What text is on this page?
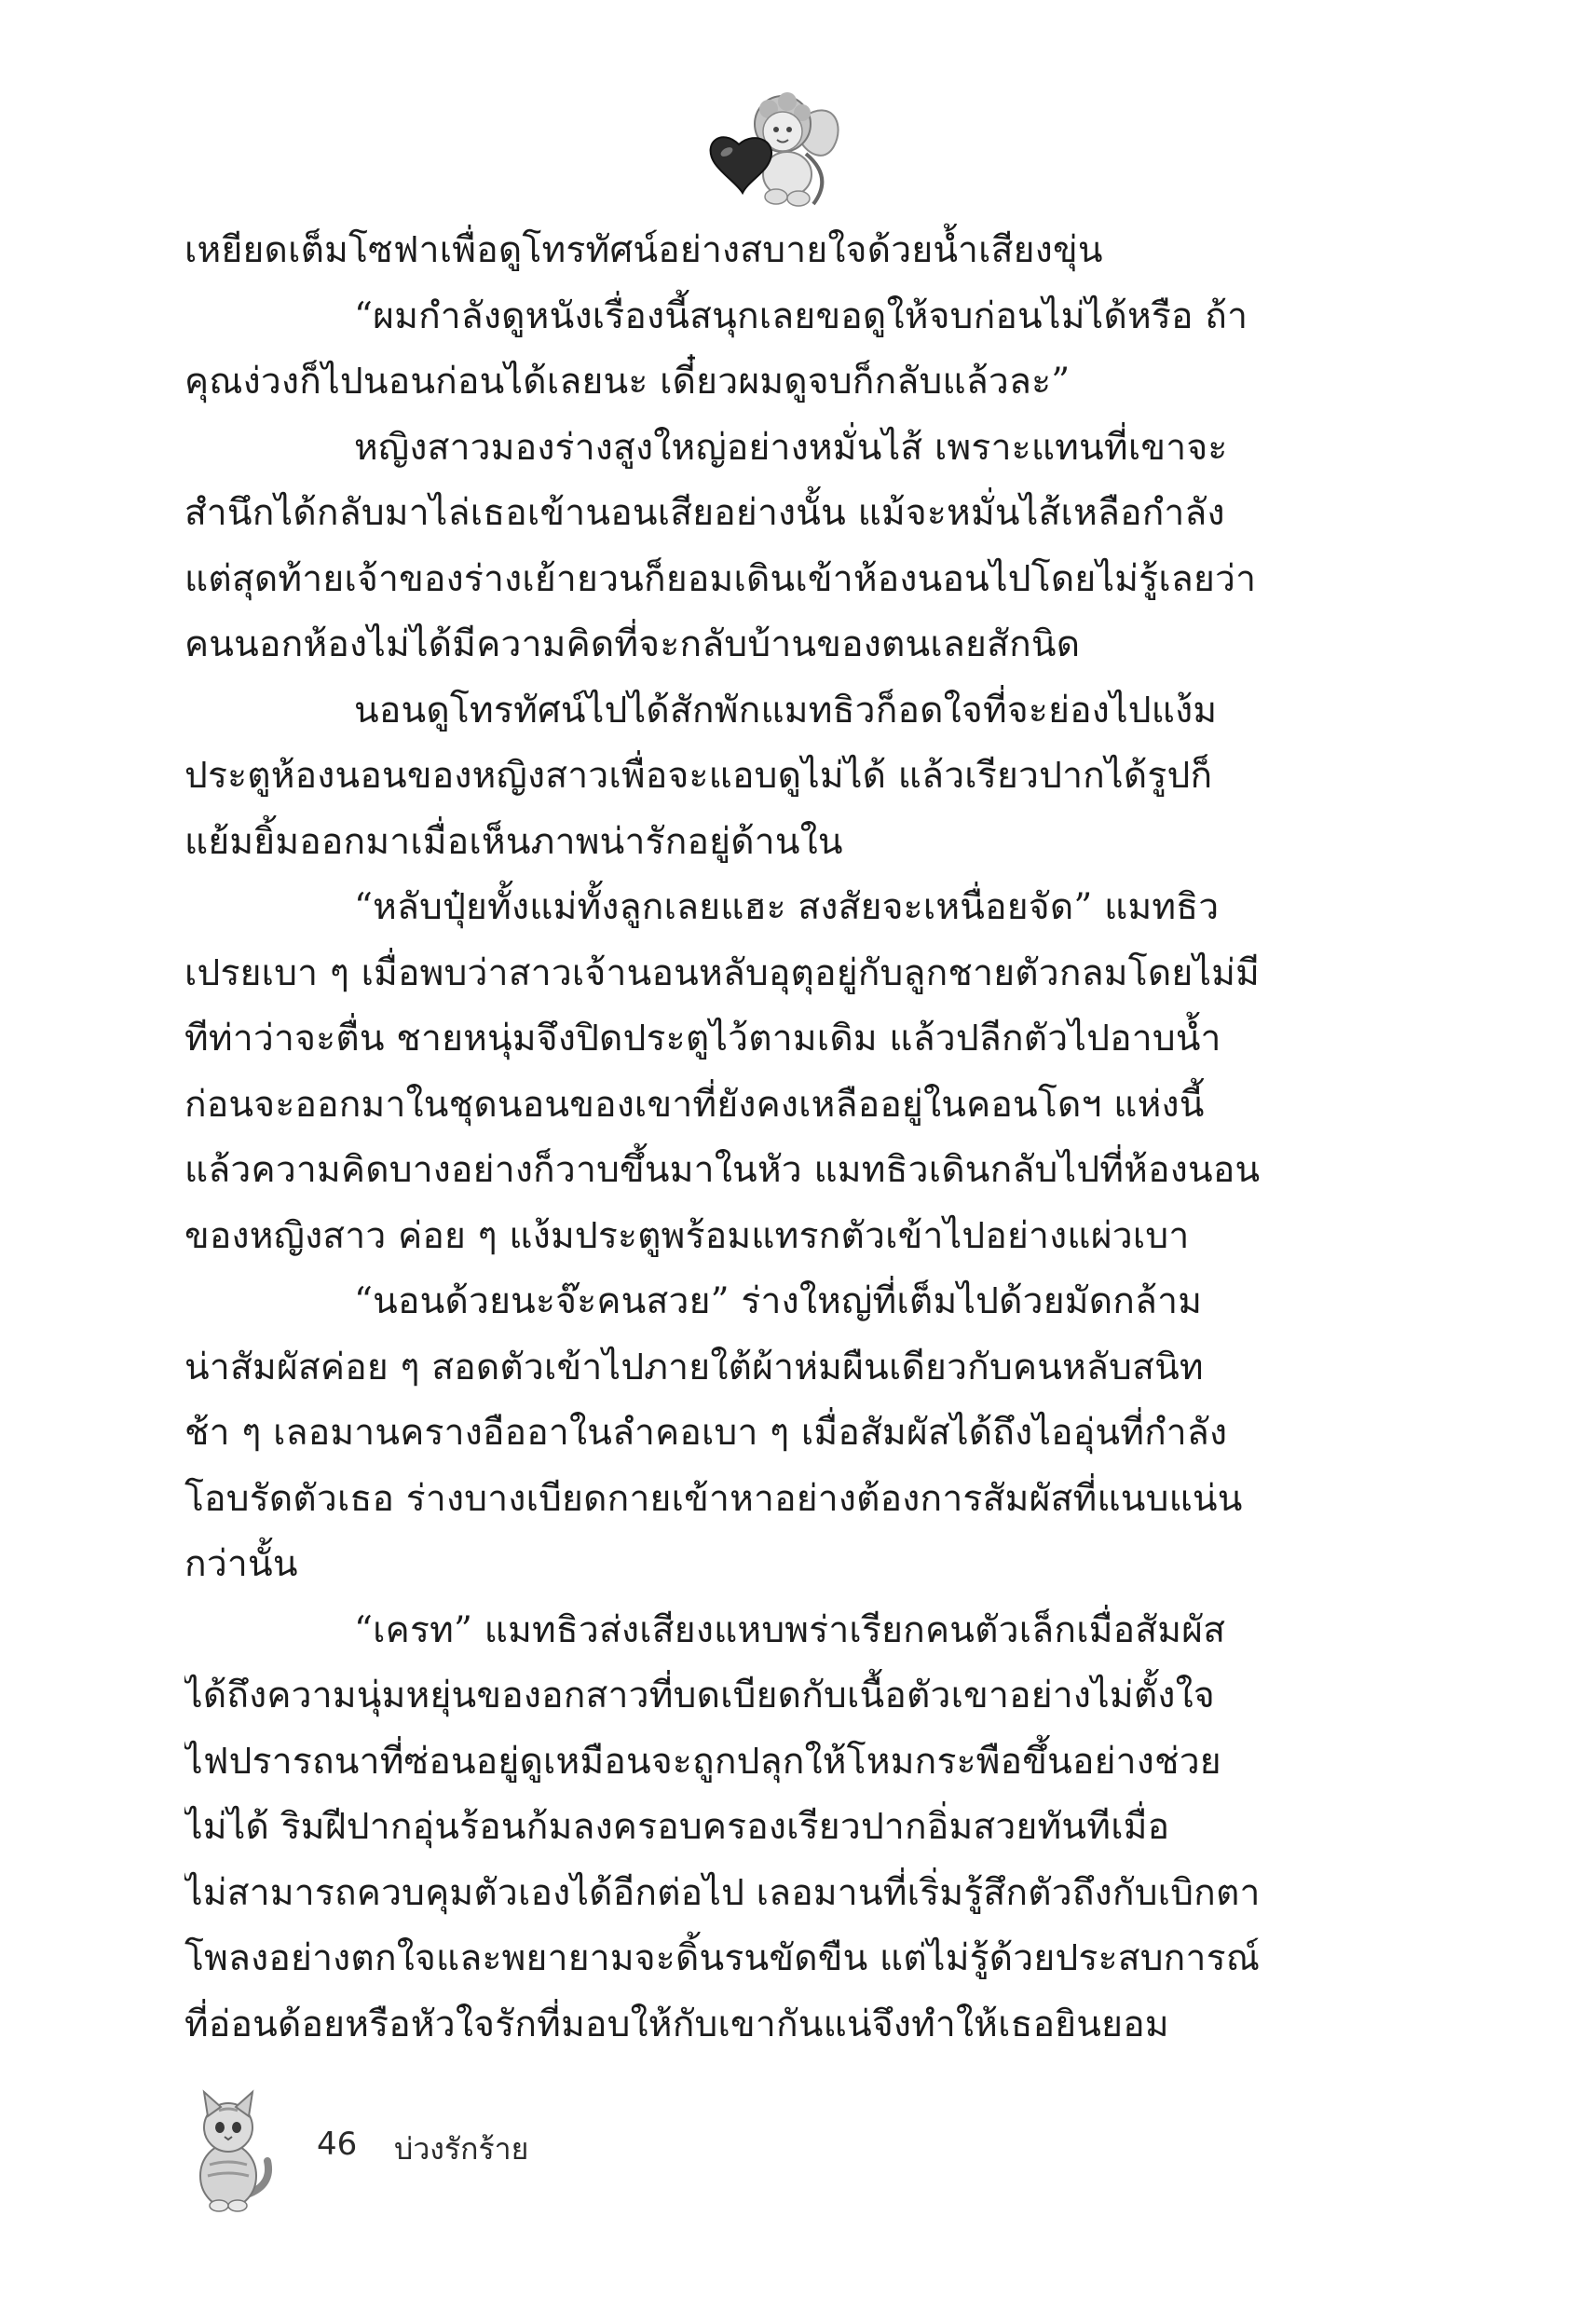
เหยียดเต็มโซฟาเพื่อดูโทรทัศน์อย่างสบายใจด้วยน้ำเสียงขุ่น
“ผมกำลังดูหนังเรื่องนี้สนุกเลยขอดูให้จบก่อนไม่ได้หรือ ถ้า
คุณง่วงก็ไปนอนก่อนได้เลยนะ เดี๋ยวผมดูจบก็กลับแล้วละ”
หญิงสาวมองร่างสูงใหญ่อย่างหมั่นไส้ เพราะแทนที่เขาจะ
สำนึกได้กลับมาไล่เธอเข้านอนเสียอย่างนั้น แม้จะหมั่นไส้เหลือกำลัง
แต่สุดท้ายเจ้าของร่างเย้ายวนก็ยอมเดินเข้าห้องนอนไปโดยไม่รู้เลยว่า
คนนอกห้องไม่ได้มีความคิดที่จะกลับบ้านของตนเลยสักนิด
นอนดูโทรทัศน์ไปได้สักพักแมทธิวก็อดใจที่จะย่องไปแง้ม
ประตูห้องนอนของหญิงสาวเพื่อจะแอบดูไม่ได้ แล้วเรียวปากได้รูปก็
แย้มยิ้มออกมาเมื่อเห็นภาพน่ารักอยู่ด้านใน
“หลับปุ๋ยทั้งแม่ทั้งลูกเลยแฮะ สงสัยจะเหนื่อยจัด” แมทธิว
เปรยเบา ๆ เมื่อพบว่าสาวเจ้านอนหลับอุตุอยู่กับลูกชายตัวกลมโดยไม่มี
ทีท่าว่าจะตื่น ชายหนุ่มจึงปิดประตูไว้ตามเดิม แล้วปลีกตัวไปอาบน้ำ
ก่อนจะออกมาในชุดนอนของเขาที่ยังคงเหลืออยู่ในคอนโดฯ แห่งนี้
แล้วความคิดบางอย่างก็วาบขึ้นมาในหัว แมทธิวเดินกลับไปที่ห้องนอน
ของหญิงสาว ค่อย ๆ แง้มประตูพร้อมแทรกตัวเข้าไปอย่างแผ่วเบา
“นอนด้วยนะจ๊ะคนสวย” ร่างใหญ่ที่เต็มไปด้วยมัดกล้าม
น่าสัมผัสค่อย ๆ สอดตัวเข้าไปภายใต้ผ้าห่มผืนเดียวกับคนหลับสนิท
ช้า ๆ เลอมานครางอืออาในลำคอเบา ๆ เมื่อสัมผัสได้ถึงไออุ่นที่กำลัง
โอบรัดตัวเธอ ร่างบางเบียดกายเข้าหาอย่างต้องการสัมผัสที่แนบแน่น
กว่านั้น
“เครท” แมทธิวส่งเสียงแหบพร่าเรียกคนตัวเล็กเมื่อสัมผัส
ได้ถึงความนุ่มหยุ่นของอกสาวที่บดเบียดกับเนื้อตัวเขาอย่างไม่ตั้งใจ
ไฟปรารถนาที่ซ่อนอยู่ดูเหมือนจะถูกปลุกให้โหมกระพือขึ้นอย่างช่วย
ไม่ได้ ริมฝีปากอุ่นร้อนก้มลงครอบครองเรียวปากอิ่มสวยทันทีเมื่อ
ไม่สามารถควบคุมตัวเองได้อีกต่อไป เลอมานที่เริ่มรู้สึกตัวถึงกับเบิกตา
โพลงอย่างตกใจและพยายามจะดิ้นรนขัดขืน แต่ไม่รู้ด้วยประสบการณ์
ที่อ่อนด้อยหรือหัวใจรักที่มอบให้กับเขากันแน่จึงทำให้เธอยินยอม
46 บ่วงรักร้าย
